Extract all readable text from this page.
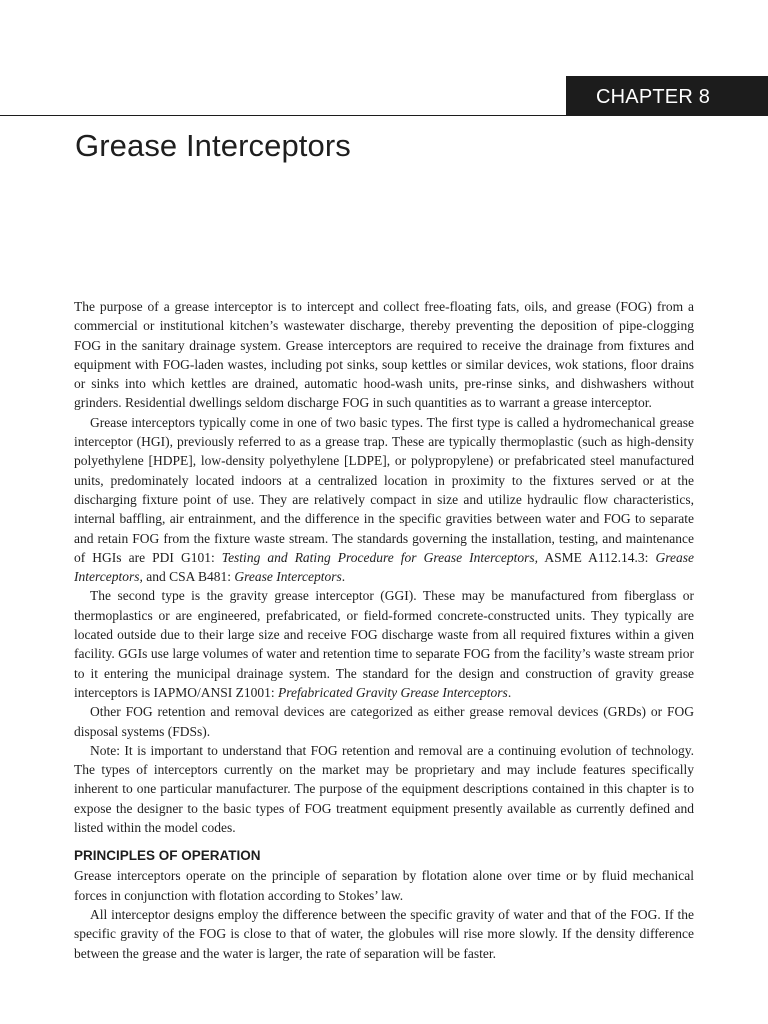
CHAPTER 8
Grease Interceptors

The purpose of a grease interceptor is to intercept and collect free-floating fats, oils, and grease (FOG) from a commercial or institutional kitchen’s wastewater discharge, thereby preventing the deposition of pipe-clogging FOG in the sanitary drainage system. Grease interceptors are required to receive the drainage from fixtures and equipment with FOG-laden wastes, including pot sinks, soup kettles or similar devices, wok stations, floor drains or sinks into which kettles are drained, automatic hood-wash units, pre-rinse sinks, and dishwashers without grinders. Residential dwellings seldom discharge FOG in such quantities as to warrant a grease interceptor.

Grease interceptors typically come in one of two basic types. The first type is called a hydromechanical grease interceptor (HGI), previously referred to as a grease trap. These are typically thermoplastic (such as high-density polyethylene [HDPE], low-density polyethylene [LDPE], or polypropylene) or prefabricated steel manufactured units, predominately located indoors at a centralized location in proximity to the fixtures served or at the discharging fixture point of use. They are relatively compact in size and utilize hydraulic flow characteristics, internal baffling, air entrainment, and the difference in the specific gravities between water and FOG to separate and retain FOG from the fixture waste stream. The standards governing the installation, testing, and maintenance of HGIs are PDI G101: Testing and Rating Procedure for Grease Interceptors, ASME A112.14.3: Grease Interceptors, and CSA B481: Grease Interceptors.

The second type is the gravity grease interceptor (GGI). These may be manufactured from fiberglass or thermoplastics or are engineered, prefabricated, or field-formed concrete-constructed units. They typically are located outside due to their large size and receive FOG discharge waste from all required fixtures within a given facility. GGIs use large volumes of water and retention time to separate FOG from the facility’s waste stream prior to it entering the municipal drainage system. The standard for the design and construction of gravity grease interceptors is IAPMO/ANSI Z1001: Prefabricated Gravity Grease Interceptors.

Other FOG retention and removal devices are categorized as either grease removal devices (GRDs) or FOG disposal systems (FDSs).

Note: It is important to understand that FOG retention and removal are a continuing evolution of technology. The types of interceptors currently on the market may be proprietary and may include features specifically inherent to one particular manufacturer. The purpose of the equipment descriptions contained in this chapter is to expose the designer to the basic types of FOG treatment equipment presently available as currently defined and listed within the model codes.

PRINCIPLES OF OPERATION

Grease interceptors operate on the principle of separation by flotation alone over time or by fluid mechanical forces in conjunction with flotation according to Stokes’ law.

All interceptor designs employ the difference between the specific gravity of water and that of the FOG. If the specific gravity of the FOG is close to that of water, the globules will rise more slowly. If the density difference between the grease and the water is larger, the rate of separation will be faster.
